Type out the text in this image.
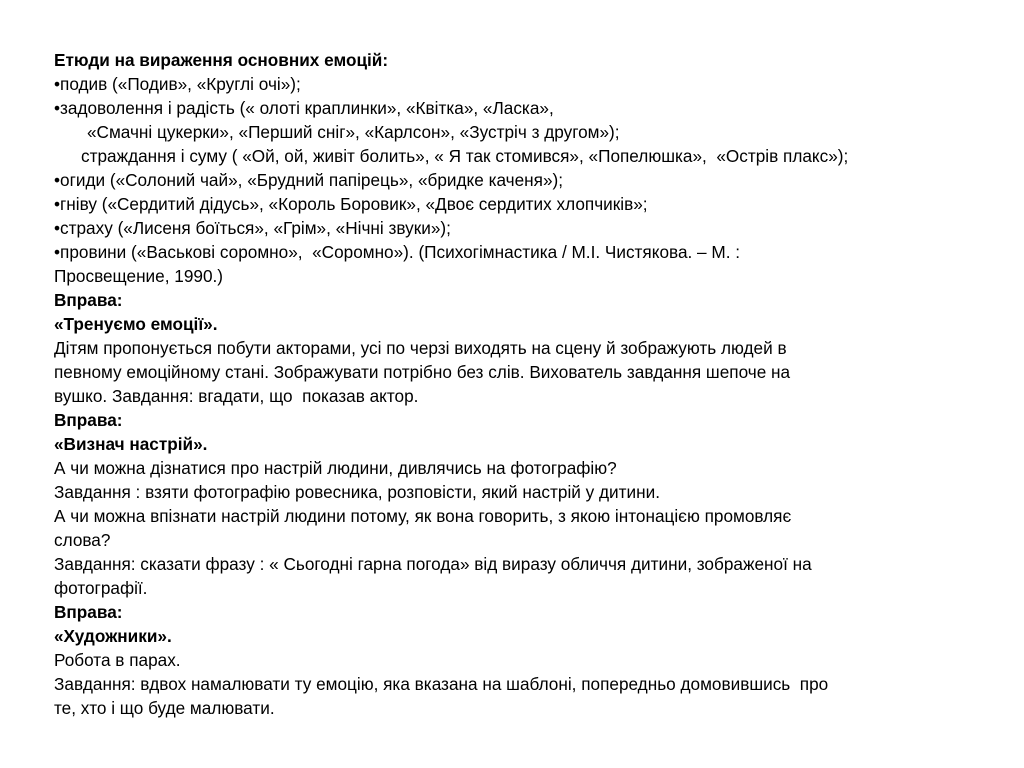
Етюди на вираження основних емоцій:
•подив («Подив», «Круглі очі»);
•задоволення і радість (« олоті краплинки», «Квітка», «Ласка»,
«Смачні цукерки», «Перший сніг», «Карлсон», «Зустріч з другом»);
страждання і суму ( «Ой, ой, живіт болить», « Я так стомився», «Попелюшка»,  «Острів плакс»);
•огиди («Солоний чай», «Брудний папірець», «бридке каченя»);
•гніву («Сердитий дідусь», «Король Боровик», «Двоє сердитих хлопчиків»;
•страху («Лисеня боїться», «Грім», «Нічні звуки»);
•провини («Васькові соромно»,  «Соромно»). (Психогімнастика / М.І. Чистякова. – М. :
Просвещение, 1990.)
Вправа:
«Тренуємо емоції».
Дітям пропонується побути акторами, усі по черзі виходять на сцену й зображують людей в
певному емоційному стані. Зображувати потрібно без слів. Вихователь завдання шепоче на
вушко. Завдання: вгадати, що  показав актор.
Вправа:
«Визнач настрій».
А чи можна дізнатися про настрій людини, дивлячись на фотографію?
Завдання : взяти фотографію ровесника, розповісти, який настрій у дитини.
А чи можна впізнати настрій людини потому, як вона говорить, з якою інтонацією промовляє
слова?
Завдання: сказати фразу : « Сьогодні гарна погода» від виразу обличчя дитини, зображеної на
фотографії.
Вправа:
«Художники».
Робота в парах.
Завдання: вдвох намалювати ту емоцію, яка вказана на шаблоні, попередньо домовившись  про
те, хто і що буде малювати.
